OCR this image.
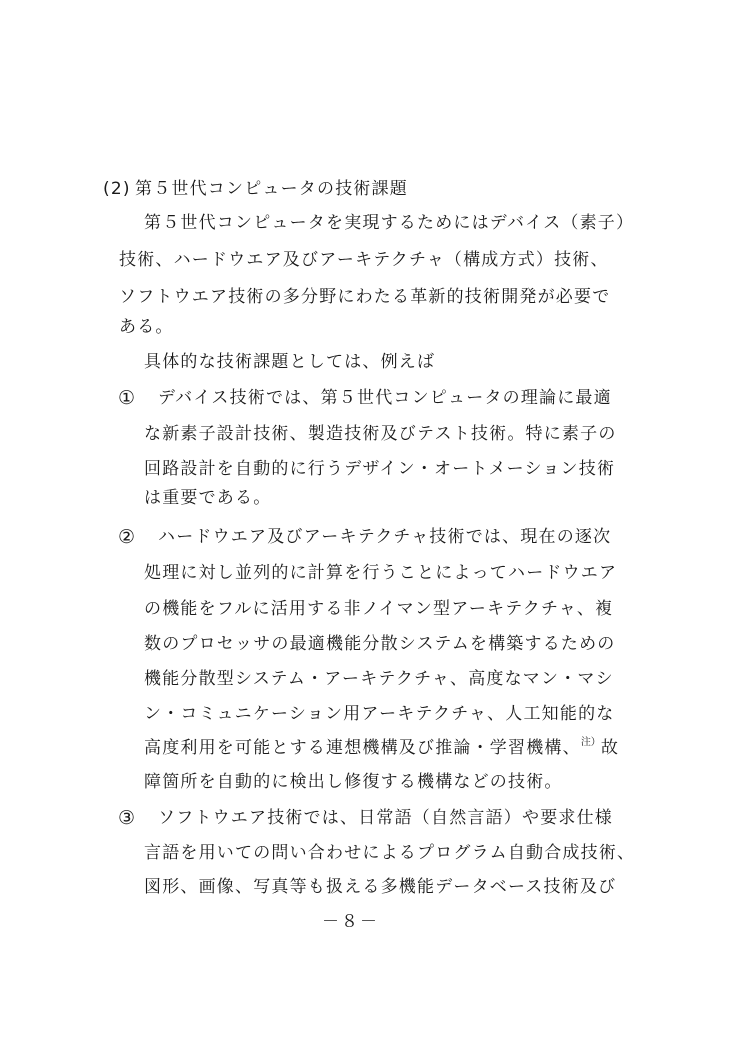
(2) 第５世代コンピュータの技術課題
第５世代コンピュータを実現するためにはデバイス（素子）
技術、ハードウエア及びアーキテクチャ（構成方式）技術、
ソフトウエア技術の多分野にわたる革新的技術開発が必要で
ある。
具体的な技術課題としては、例えば
① デバイス技術では、第５世代コンピュータの理論に最適
な新素子設計技術、製造技術及びテスト技術。特に素子の
回路設計を自動的に行うデザイン・オートメーション技術
は重要である。
② ハードウエア及びアーキテクチャ技術では、現在の逐次
処理に対し並列的に計算を行うことによってハードウエア
の機能をフルに活用する非ノイマン型アーキテクチャ、複
数のプロセッサの最適機能分散システムを構築するための
機能分散型システム・アーキテクチャ、高度なマン・マシ
ン・コミュニケーション用アーキテクチャ、人工知能的な
高度利用を可能とする連想機構及び推論・学習機構、$^{注)}$故
障箇所を自動的に検出し修復する機構などの技術。
③ ソフトウエア技術では、日常語（自然言語）や要求仕様
言語を用いての問い合わせによるプログラム自動合成技術、
図形、画像、写真等も扱える多機能データベース技術及び
－８－
